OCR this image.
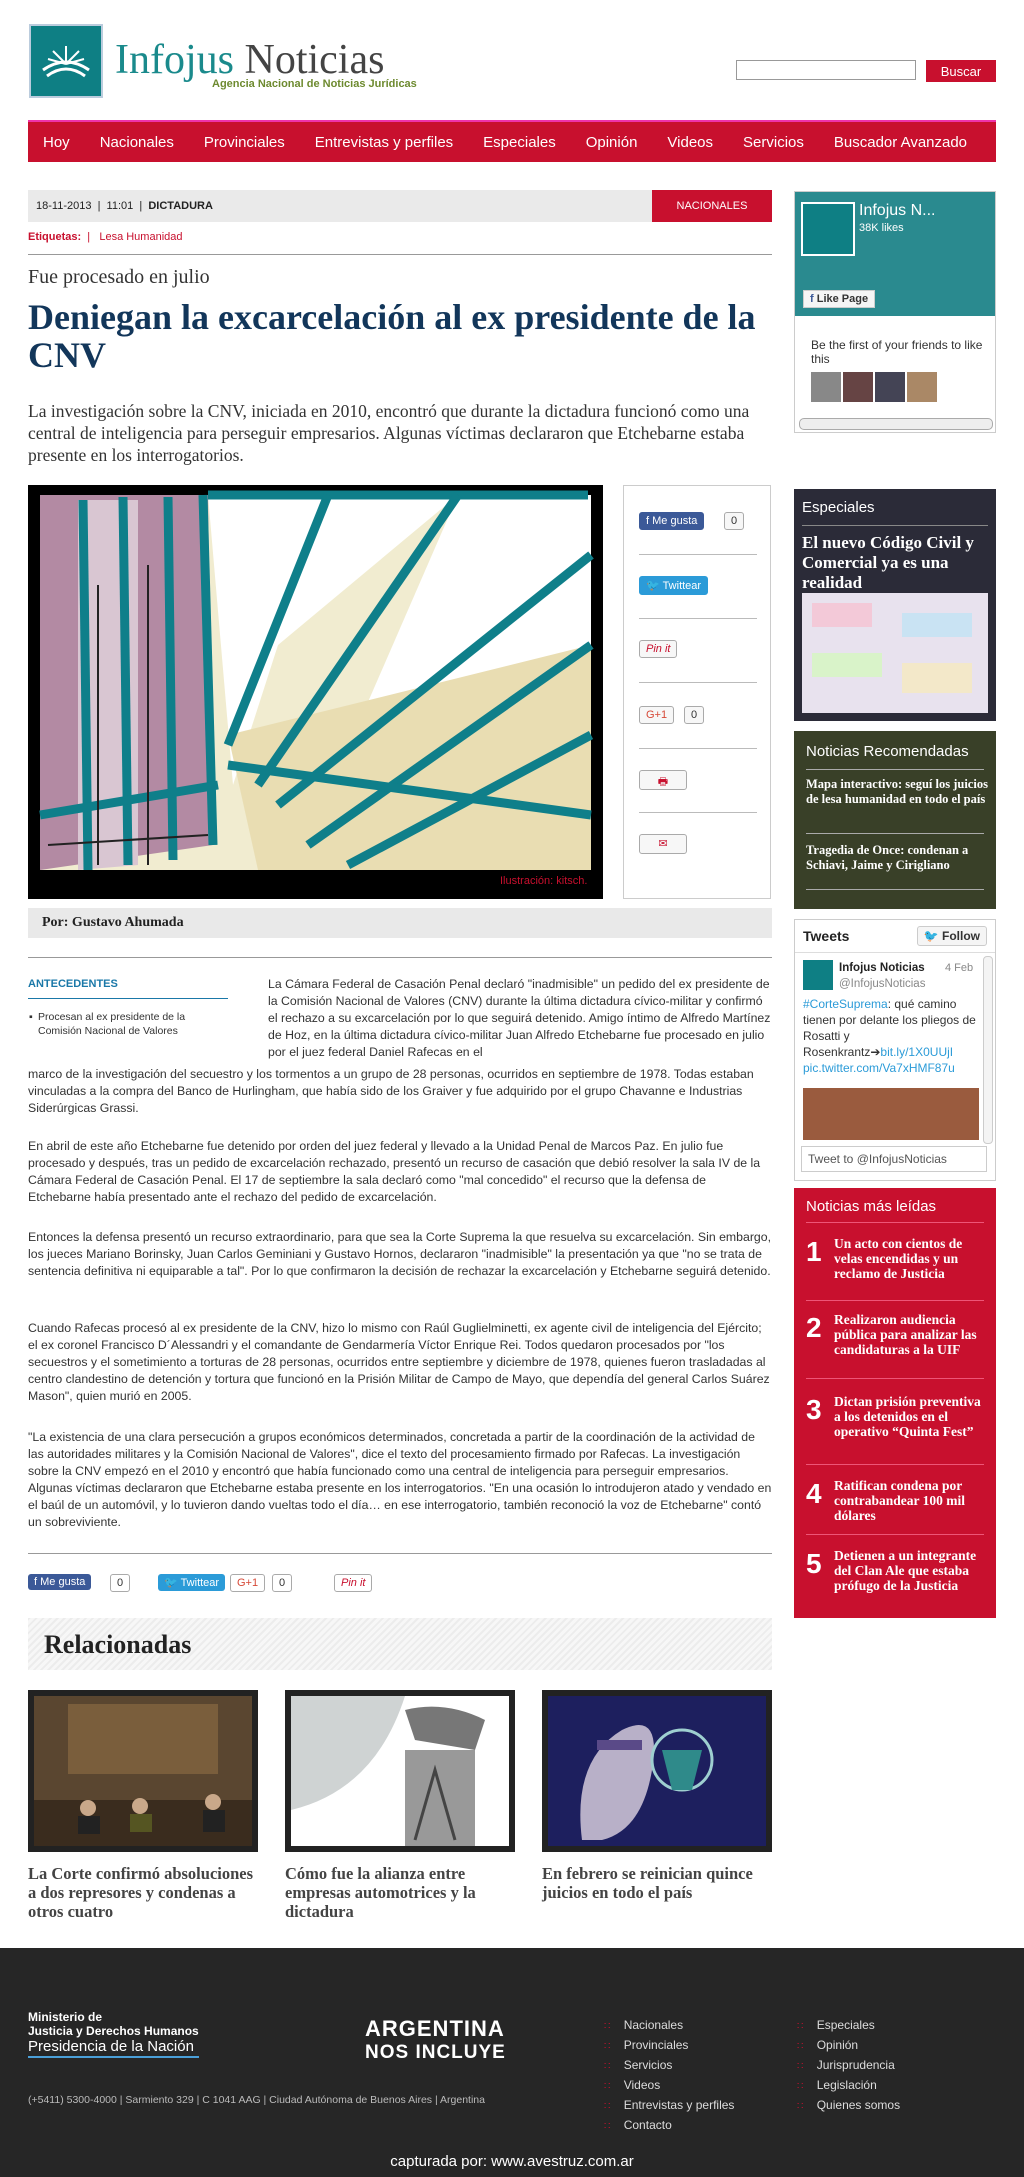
Infojus Noticias
Agencia Nacional de Noticias Jurídicas
Buscar
Hoy	Nacionales	Provinciales	Entrevistas y perfiles	Especiales	Opinión	Videos	Servicios	Buscador Avanzado
18-11-2013 | 11:01 | DICTADURA	NACIONALES
Etiquetas:  |   Lesa Humanidad
Fue procesado en julio
Deniegan la excarcelación al ex presidente de la CNV

La investigación sobre la CNV, iniciada en 2010, encontró que durante la dictadura funcionó como una central de inteligencia para perseguir empresarios. Algunas víctimas declararon que Etchebarne estaba presente en los interrogatorios.

Ilustración: kitsch.
f Me gusta	0
🐦 Twittear
Pin it
G+1	0
🖶
✉
Por: Gustavo Ahumada
ANTECEDENTES
▪ Procesan al ex presidente de la Comisión Nacional de Valores
La Cámara Federal de Casación Penal declaró "inadmisible" un pedido del ex presidente de la Comisión Nacional de Valores (CNV) durante la última dictadura cívico-militar y confirmó el rechazo a su excarcelación por lo que seguirá detenido. Amigo íntimo de Alfredo Martínez de Hoz, en la última dictadura cívico-militar Juan Alfredo Etchebarne fue procesado en julio por el juez federal Daniel Rafecas en el
marco de la investigación del secuestro y los tormentos a un grupo de 28 personas, ocurridos en septiembre de 1978. Todas estaban vinculadas a la compra del Banco de Hurlingham, que había sido de los Graiver y fue adquirido por el grupo Chavanne e Industrias Siderúrgicas Grassi.
En abril de este año Etchebarne fue detenido por orden del juez federal y llevado a la Unidad Penal de Marcos Paz. En julio fue procesado y después, tras un pedido de excarcelación rechazado, presentó un recurso de casación que debió resolver la sala IV de la Cámara Federal de Casación Penal. El 17 de septiembre la sala declaró como "mal concedido" el recurso que la defensa de Etchebarne había presentado ante el rechazo del pedido de excarcelación.
Entonces la defensa presentó un recurso extraordinario, para que sea la Corte Suprema la que resuelva su excarcelación. Sin embargo, los jueces Mariano Borinsky, Juan Carlos Geminiani y Gustavo Hornos, declararon "inadmisible" la presentación ya que "no se trata de sentencia definitiva ni equiparable a tal". Por lo que confirmaron la decisión de rechazar la excarcelación y Etchebarne seguirá detenido.
Cuando Rafecas procesó al ex presidente de la CNV, hizo lo mismo con Raúl Guglielminetti, ex agente civil de inteligencia del Ejército; el ex coronel Francisco D´Alessandri y el comandante de Gendarmería Víctor Enrique Rei. Todos quedaron procesados por "los secuestros y el sometimiento a torturas de 28 personas, ocurridos entre septiembre y diciembre de 1978, quienes fueron trasladadas al centro clandestino de detención y tortura que funcionó en la Prisión Militar de Campo de Mayo, que dependía del general Carlos Suárez Mason", quien murió en 2005.
"La existencia de una clara persecución a grupos económicos determinados, concretada a partir de la coordinación de la actividad de las autoridades militares y la Comisión Nacional de Valores", dice el texto del procesamiento firmado por Rafecas. La investigación sobre la CNV empezó en el 2010 y encontró que había funcionado como una central de inteligencia para perseguir empresarios. Algunas víctimas declararon que Etchebarne estaba presente en los interrogatorios. "En una ocasión lo introdujeron atado y vendado en el baúl de un automóvil, y lo tuvieron dando vueltas todo el día… en ese interrogatorio, también reconoció la voz de Etchebarne" contó un sobreviviente.
f Me gusta	0	🐦 Twittear	G+1	0	Pin it
Relacionadas
La Corte confirmó absoluciones a dos represores y condenas a otros cuatro
Cómo fue la alianza entre empresas automotrices y la dictadura
En febrero se reinician quince juicios en todo el país
Infojus N...
38K likes
f Like Page
Be the first of your friends to like this
Especiales
El nuevo Código Civil y Comercial ya es una realidad
Noticias Recomendadas
Mapa interactivo: seguí los juicios de lesa humanidad en todo el país
Tragedia de Once: condenan a Schiavi, Jaime y Cirigliano
Tweets	🐦 Follow
Infojus Noticias 4 Feb
@InfojusNoticias
#CorteSuprema: qué camino tienen por delante los pliegos de Rosatti y Rosenkrantz➔bit.ly/1X0UUjI
pic.twitter.com/Va7xHMF87u
Tweet to @InfojusNoticias
Noticias más leídas
1 Un acto con cientos de velas encendidas y un reclamo de Justicia
2 Realizaron audiencia pública para analizar las candidaturas a la UIF
3 Dictan prisión preventiva a los detenidos en el operativo “Quinta Fest”
4 Ratifican condena por contrabandear 100 mil dólares
5 Detienen a un integrante del Clan Ale que estaba prófugo de la Justicia
Ministerio de
Justicia y Derechos Humanos
Presidencia de la Nación
ARGENTINA
NOS INCLUYE
(+5411) 5300-4000 | Sarmiento 329 | C 1041 AAG | Ciudad Autónoma de Buenos Aires | Argentina
∷ Nacionales
∷ Provinciales
∷ Servicios
∷ Videos
∷ Entrevistas y perfiles
∷ Contacto
∷ Especiales
∷ Opinión
∷ Jurisprudencia
∷ Legislación
∷ Quienes somos
capturada por: www.avestruz.com.ar
